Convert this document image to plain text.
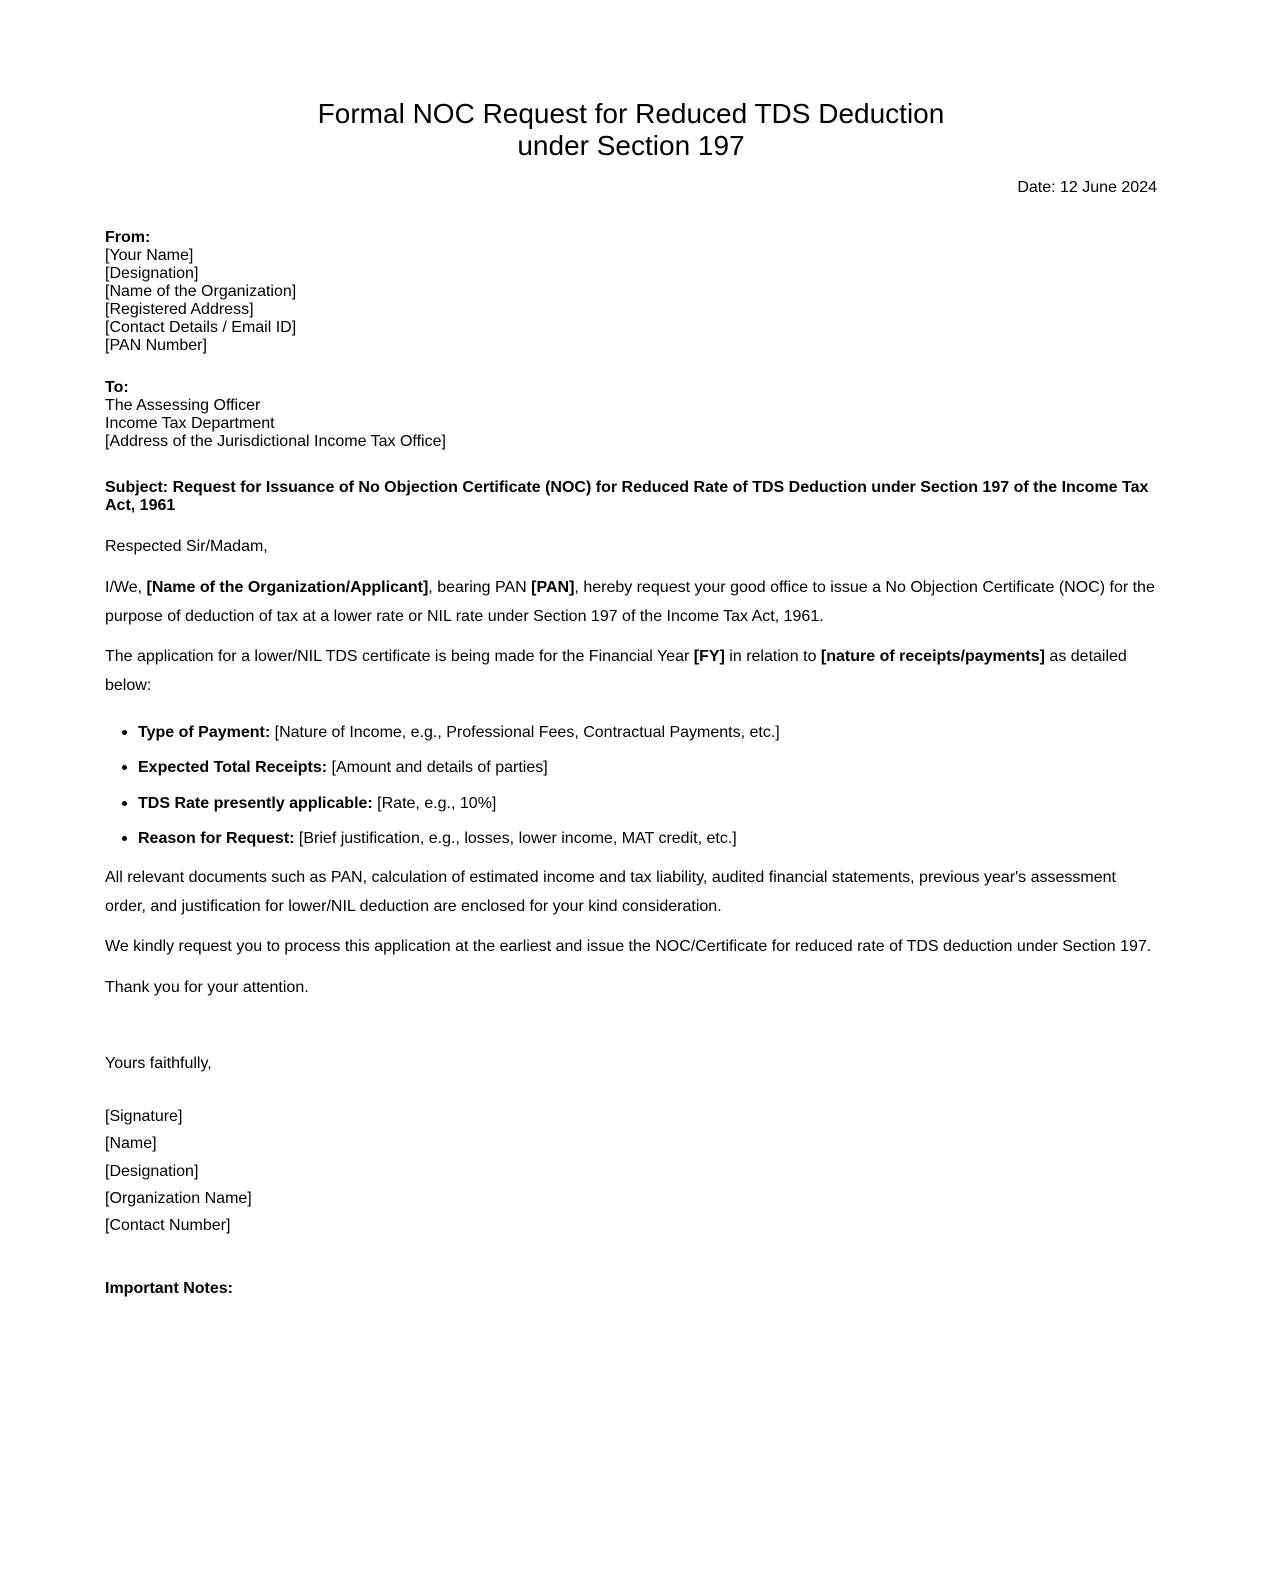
Formal NOC Request for Reduced TDS Deduction
under Section 197
Date: 12 June 2024
From:
[Your Name]
[Designation]
[Name of the Organization]
[Registered Address]
[Contact Details / Email ID]
[PAN Number]
To:
The Assessing Officer
Income Tax Department
[Address of the Jurisdictional Income Tax Office]
Subject: Request for Issuance of No Objection Certificate (NOC) for Reduced Rate of TDS Deduction under Section 197 of the Income Tax Act, 1961

Respected Sir/Madam,

I/We, [Name of the Organization/Applicant], bearing PAN [PAN], hereby request your good office to issue a No Objection Certificate (NOC) for the purpose of deduction of tax at a lower rate or NIL rate under Section 197 of the Income Tax Act, 1961.

The application for a lower/NIL TDS certificate is being made for the Financial Year [FY] in relation to [nature of receipts/payments] as detailed below:

Type of Payment: [Nature of Income, e.g., Professional Fees, Contractual Payments, etc.]
Expected Total Receipts: [Amount and details of parties]
TDS Rate presently applicable: [Rate, e.g., 10%]
Reason for Request: [Brief justification, e.g., losses, lower income, MAT credit, etc.]

All relevant documents such as PAN, calculation of estimated income and tax liability, audited financial statements, previous year's assessment order, and justification for lower/NIL deduction are enclosed for your kind consideration.

We kindly request you to process this application at the earliest and issue the NOC/Certificate for reduced rate of TDS deduction under Section 197.

Thank you for your attention.

Yours faithfully,
[Signature]
[Name]
[Designation]
[Organization Name]
[Contact Number]
Important Notes:
